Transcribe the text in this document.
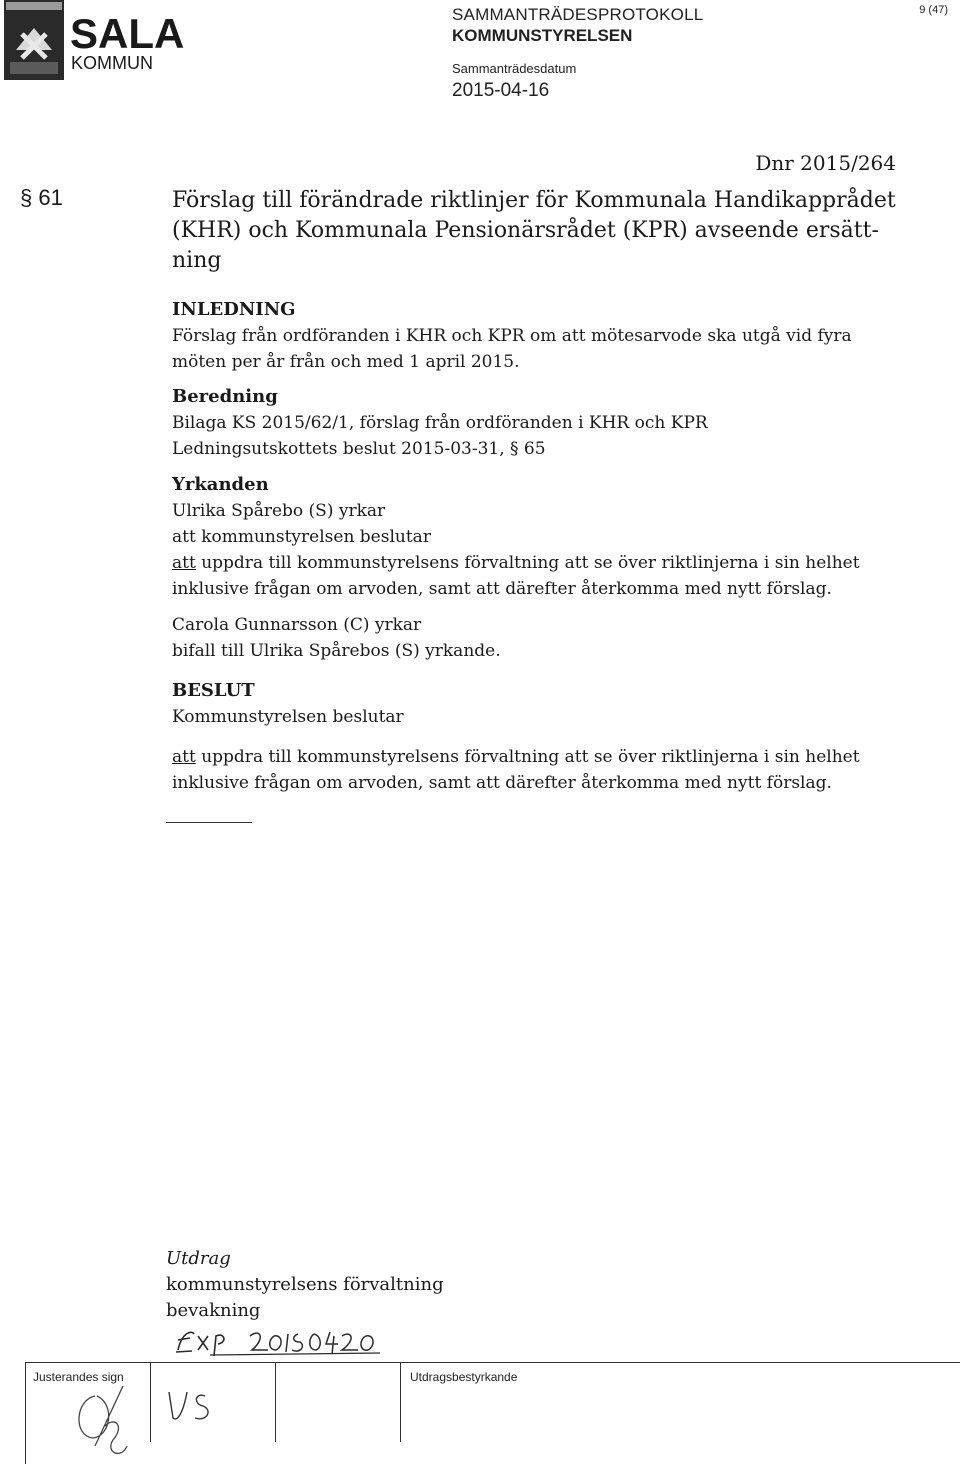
SALA
KOMMUN
SAMMANTRÄDESPROTOKOLL
KOMMUNSTYRELSEN
Sammanträdesdatum
2015-04-16
9 (47)
Dnr 2015/264
§ 61	Förslag till förändrade riktlinjer för Kommunala Handikapprådet
(KHR) och Kommunala Pensionärsrådet (KPR) avseende ersätt-
ning
INLEDNING
Förslag från ordföranden i KHR och KPR om att mötesarvode ska utgå vid fyra
möten per år från och med 1 april 2015.
Beredning
Bilaga KS 2015/62/1, förslag från ordföranden i KHR och KPR
Ledningsutskottets beslut 2015-03-31, § 65
Yrkanden
Ulrika Spårebo (S) yrkar
att kommunstyrelsen beslutar
att uppdra till kommunstyrelsens förvaltning att se över riktlinjerna i sin helhet
inklusive frågan om arvoden, samt att därefter återkomma med nytt förslag.
Carola Gunnarsson (C) yrkar
bifall till Ulrika Spårebos (S) yrkande.
BESLUT
Kommunstyrelsen beslutar
att uppdra till kommunstyrelsens förvaltning att se över riktlinjerna i sin helhet
inklusive frågan om arvoden, samt att därefter återkomma med nytt förslag.
Utdrag
kommunstyrelsens förvaltning
bevakning
Justerandes sign	Utdragsbestyrkande
